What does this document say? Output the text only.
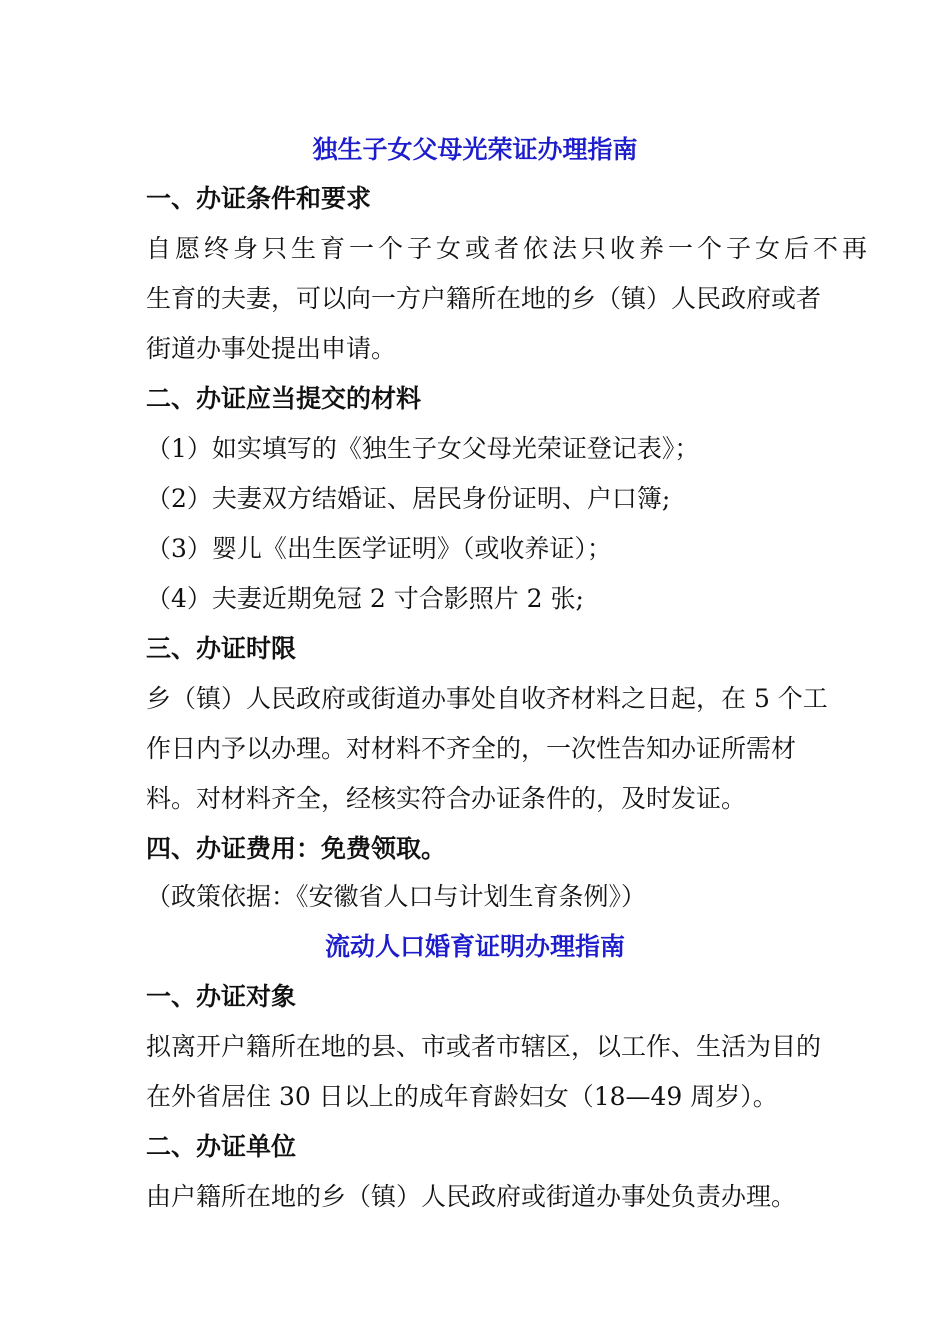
独生子女父母光荣证办理指南
一、办证条件和要求
自愿终身只生育一个子女或者依法只收养一个子女后不再
生育的夫妻，可以向一方户籍所在地的乡（镇）人民政府或者
街道办事处提出申请。
二、办证应当提交的材料
（1）如实填写的《独生子女父母光荣证登记表》；
（2）夫妻双方结婚证、居民身份证明、户口簿;
（3）婴儿《出生医学证明》（或收养证）；
（4）夫妻近期免冠 2 寸合影照片 2 张;
三、办证时限
乡（镇）人民政府或街道办事处自收齐材料之日起，在 5 个工
作日内予以办理。对材料不齐全的，一次性告知办证所需材
料。对材料齐全，经核实符合办证条件的，及时发证。
四、办证费用：免费领取。
（政策依据：《安徽省人口与计划生育条例》）
流动人口婚育证明办理指南
一、办证对象
拟离开户籍所在地的县、市或者市辖区，以工作、生活为目的
在外省居住 30 日以上的成年育龄妇女（18—49 周岁）。
二、办证单位
由户籍所在地的乡（镇）人民政府或街道办事处负责办理。
